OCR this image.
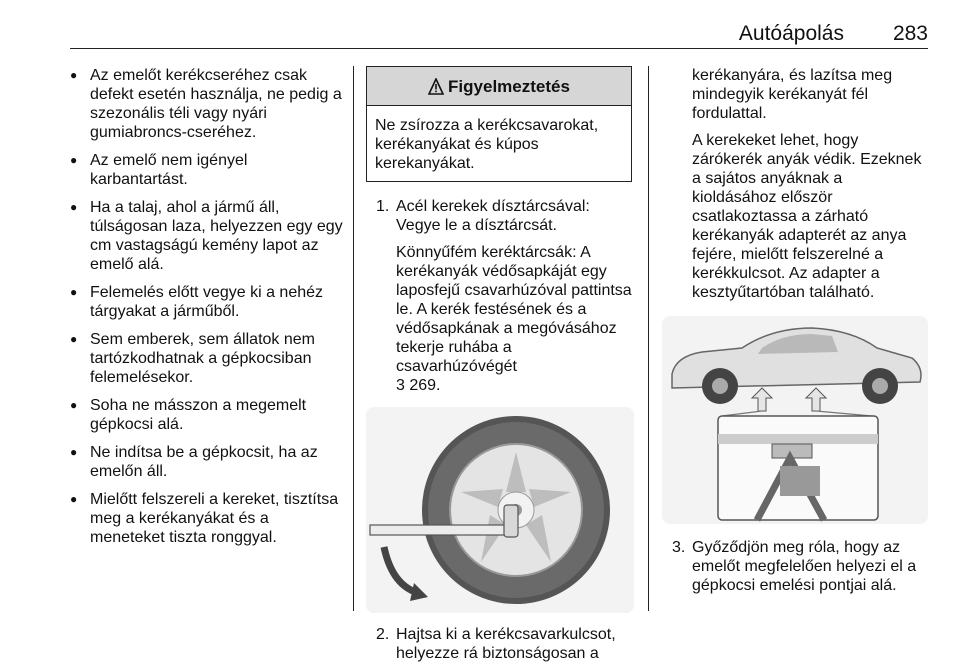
Autóápolás 283
● Az emelőt kerékcseréhez csak defekt esetén használja, ne pedig a szezonális téli vagy nyári gumiabroncs-cseréhez.
● Az emelő nem igényel karbantartást.
● Ha a talaj, ahol a jármű áll, túlságosan laza, helyezzen egy egy cm vastagságú kemény lapot az emelő alá.
● Felemelés előtt vegye ki a nehéz tárgyakat a járműből.
● Sem emberek, sem állatok nem tartózkodhatnak a gépkocsiban felemelésekor.
● Soha ne másszon a megemelt gépkocsi alá.
● Ne indítsa be a gépkocsit, ha az emelőn áll.
● Mielőtt felszereli a kereket, tisztítsa meg a kerékanyákat és a meneteket tiszta ronggyal.
Figyelmeztetés
Ne zsírozza a kerékcsavarokat, kerékanyákat és kúpos kerekanyákat.
1. Acél kerekek dísztárcsával: Vegye le a dísztárcsát.

Könnyűfém keréktárcsák: A kerékanyák védősapkáját egy laposfejű csavarhúzóval pattintsa le. A kerék festésének és a védősapkának a megóvásához tekerje ruhába a csavarhúzóvégét

3 269.
2. Hajtsa ki a kerékcsavarkulcsot, helyezze rá biztonságosan a

kerékanyára, és lazítsa meg mindegyik kerékanyát fél fordulattal.

A kerekeket lehet, hogy zárókerék anyák védik. Ezeknek a sajátos anyáknak a kioldásához először csatlakoztassa a zárható kerékanyák adapterét az anya fejére, mielőtt felszerelné a kerékkulcsot. Az adapter a kesztyűtartóban található.

3. Győződjön meg róla, hogy az emelőt megfelelően helyezi el a gépkocsi emelési pontjai alá.
